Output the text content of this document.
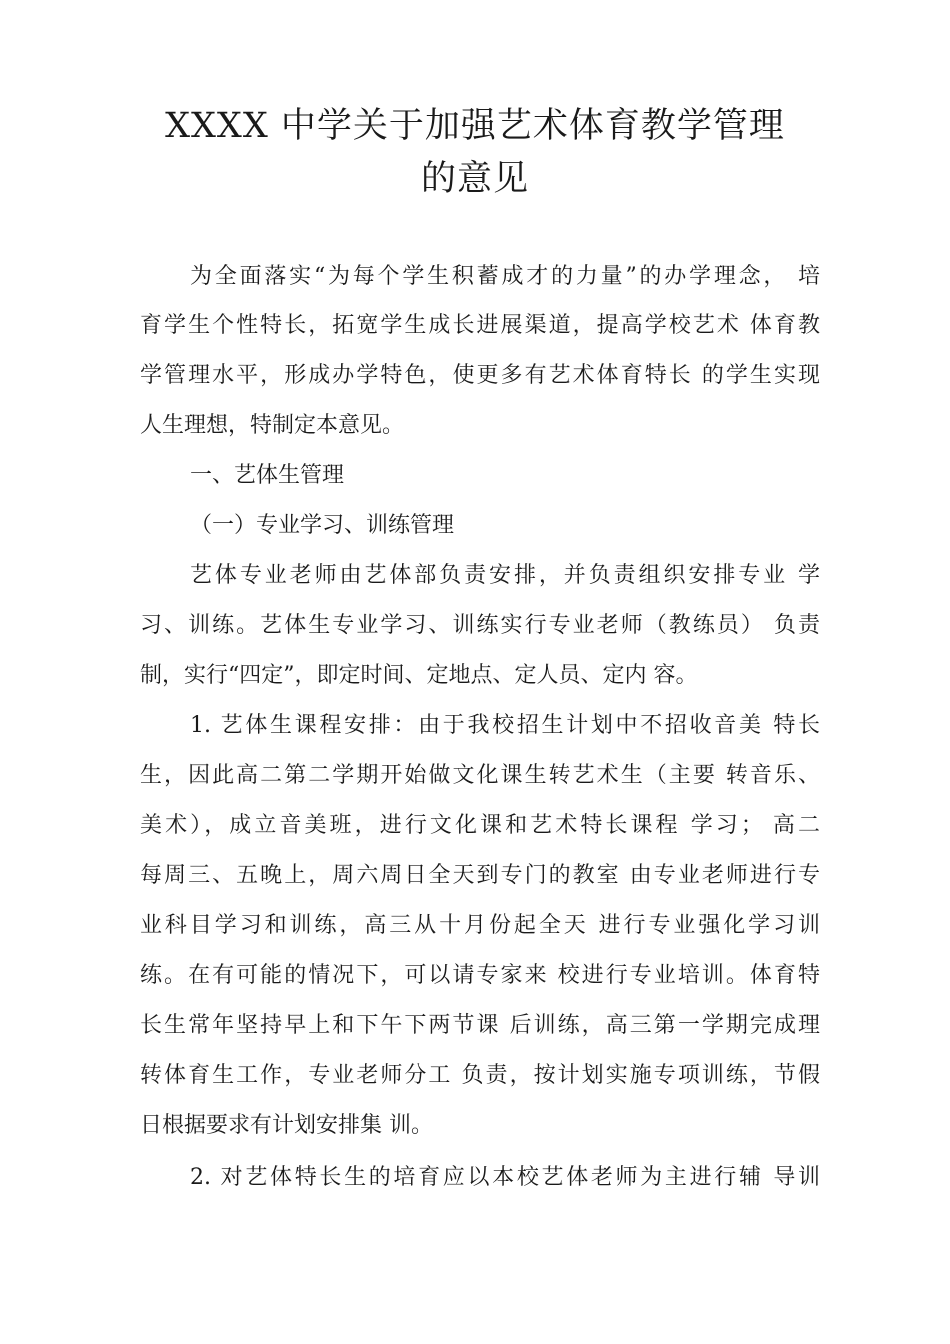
XXXX 中学关于加强艺术体育教学管理
的意见
为全面落实“为每个学生积蓄成才的力量”的办学理念， 培
育学生个性特长，拓宽学生成长进展渠道，提高学校艺术 体育教
学管理水平，形成办学特色，使更多有艺术体育特长 的学生实现
人生理想，特制定本意见。
一、艺体生管理
（一）专业学习、训练管理
艺体专业老师由艺体部负责安排，并负责组织安排专业 学
习、训练。艺体生专业学习、训练实行专业老师（教练员） 负责
制，实行“四定”，即定时间、定地点、定人员、定内 容。
1. 艺体生课程安排：由于我校招生计划中不招收音美 特长
生，因此高二第二学期开始做文化课生转艺术生（主要 转音乐、
美术），成立音美班，进行文化课和艺术特长课程 学习； 高二
每周三、五晚上，周六周日全天到专门的教室 由专业老师进行专
业科目学习和训练，高三从十月份起全天 进行专业强化学习训
练。在有可能的情况下，可以请专家来 校进行专业培训。体育特
长生常年坚持早上和下午下两节课 后训练，高三第一学期完成理
转体育生工作，专业老师分工 负责，按计划实施专项训练，节假
日根据要求有计划安排集 训。
2. 对艺体特长生的培育应以本校艺体老师为主进行辅 导训
